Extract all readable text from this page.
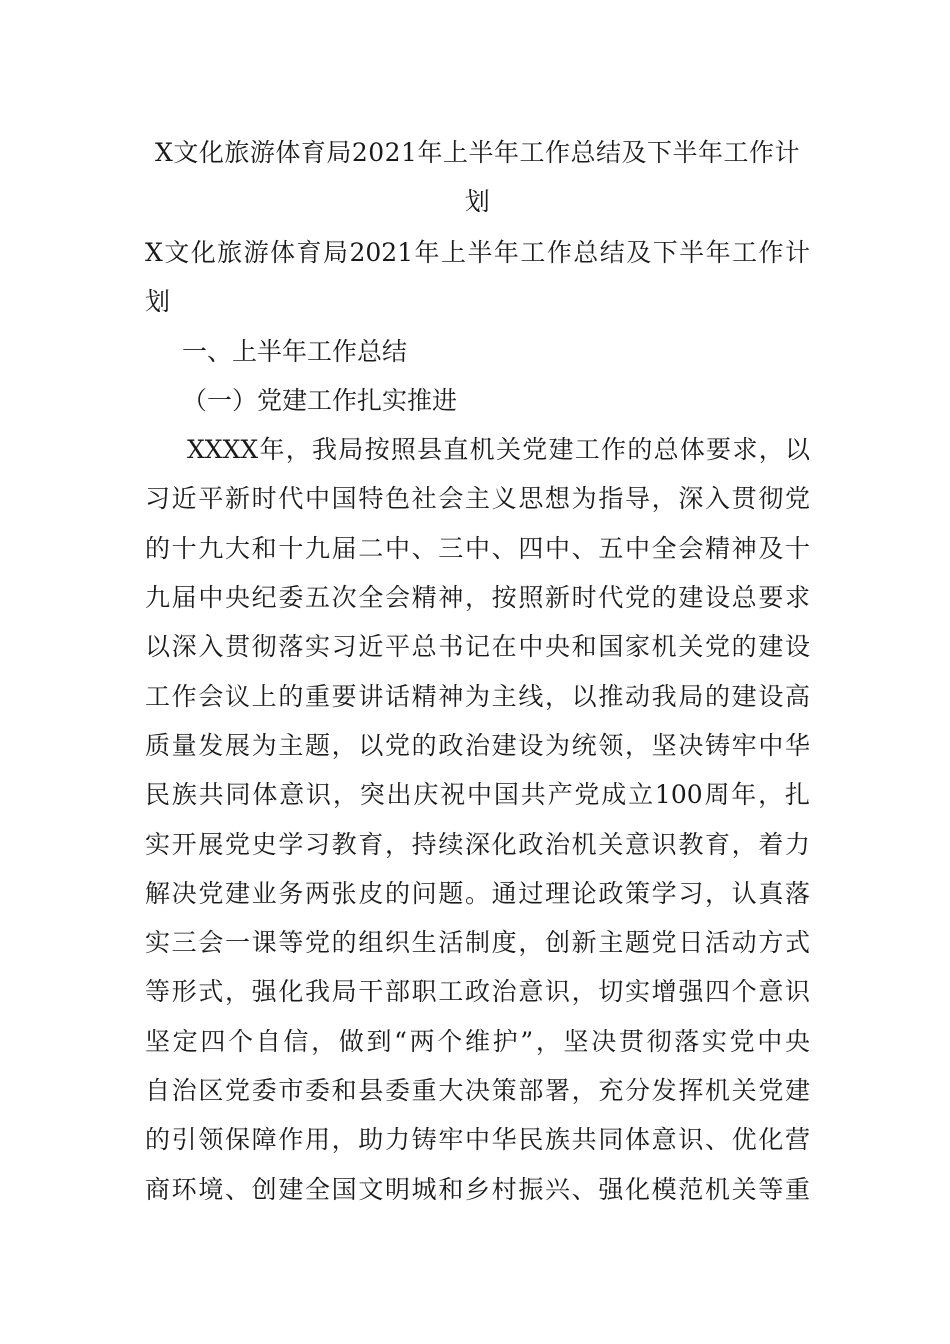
X文化旅游体育局2021年上半年工作总结及下半年工作计
划
X文化旅游体育局2021年上半年工作总结及下半年工作计
划
一、上半年工作总结
（一）党建工作扎实推进
XXXX年，我局按照县直机关党建工作的总体要求，以
习近平新时代中国特色社会主义思想为指导，深入贯彻党
的十九大和十九届二中、三中、四中、五中全会精神及十
九届中央纪委五次全会精神，按照新时代党的建设总要求
以深入贯彻落实习近平总书记在中央和国家机关党的建设
工作会议上的重要讲话精神为主线，以推动我局的建设高
质量发展为主题，以党的政治建设为统领，坚决铸牢中华
民族共同体意识，突出庆祝中国共产党成立100周年，扎
实开展党史学习教育，持续深化政治机关意识教育，着力
解决党建业务两张皮的问题。通过理论政策学习，认真落
实三会一课等党的组织生活制度，创新主题党日活动方式
等形式，强化我局干部职工政治意识，切实增强四个意识
坚定四个自信，做到“两个维护”，坚决贯彻落实党中央
自治区党委市委和县委重大决策部署，充分发挥机关党建
的引领保障作用，助力铸牢中华民族共同体意识、优化营
商环境、创建全国文明城和乡村振兴、强化模范机关等重
